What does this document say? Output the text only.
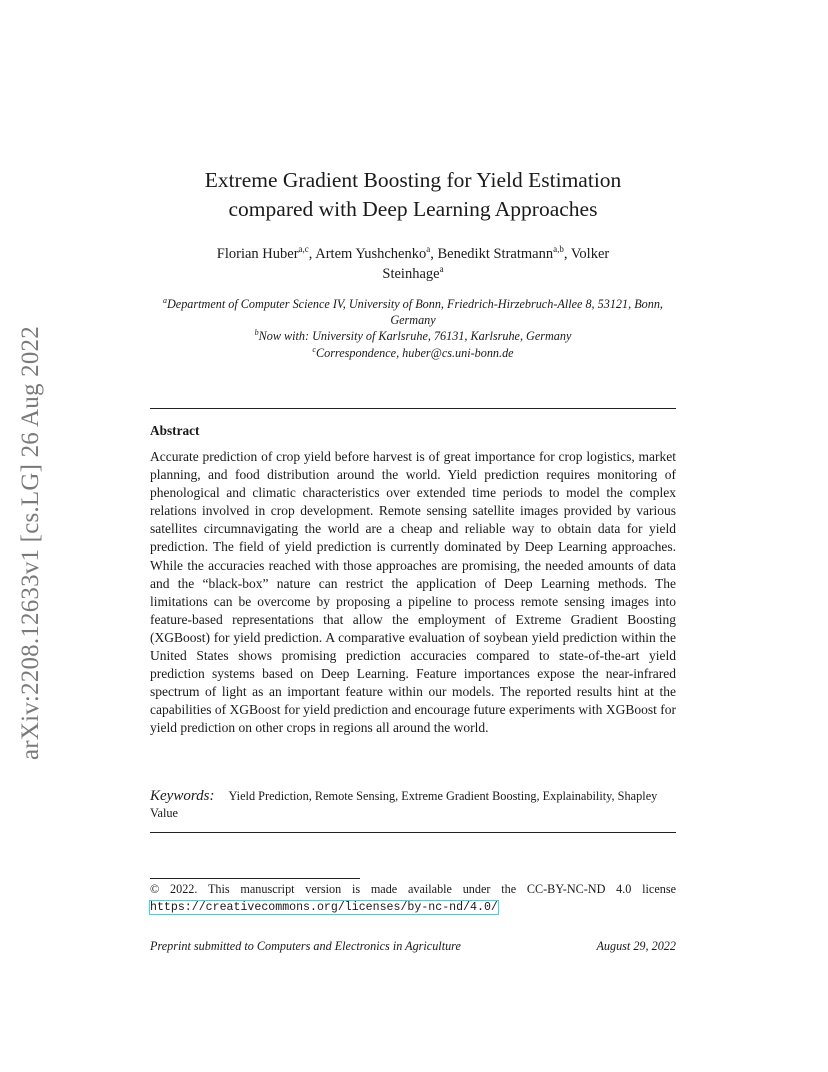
arXiv:2208.12633v1 [cs.LG] 26 Aug 2022
Extreme Gradient Boosting for Yield Estimation
compared with Deep Learning Approaches
Florian Huber$^{a,c}$, Artem Yushchenko$^a$, Benedikt Stratmann$^{a,b}$, Volker
Steinhage$^a$
$^a$Department of Computer Science IV, University of Bonn, Friedrich-Hirzebruch-Allee 8, 53121, Bonn, Germany
$^b$Now with: University of Karlsruhe, 76131, Karlsruhe, Germany
$^c$Correspondence, huber@cs.uni-bonn.de
Abstract
Accurate prediction of crop yield before harvest is of great importance for crop logistics, market planning, and food distribution around the world. Yield prediction requires monitoring of phenological and climatic characteristics over extended time periods to model the complex relations involved in crop development. Remote sensing satellite images provided by various satellites circumnavigating the world are a cheap and reliable way to obtain data for yield prediction. The field of yield prediction is currently dominated by Deep Learning approaches. While the accuracies reached with those approaches are promising, the needed amounts of data and the “black-box” nature can restrict the application of Deep Learning methods. The limitations can be overcome by proposing a pipeline to process remote sensing images into feature-based representations that allow the employment of Extreme Gradient Boosting (XGBoost) for yield prediction. A comparative evaluation of soybean yield prediction within the United States shows promising prediction accuracies compared to state-of-the-art yield prediction systems based on Deep Learning. Feature importances expose the near-infrared spectrum of light as an important feature within our models. The reported results hint at the capabilities of XGBoost for yield prediction and encourage future experiments with XGBoost for yield prediction on other crops in regions all around the world.
Keywords: Yield Prediction, Remote Sensing, Extreme Gradient Boosting, Explainability, Shapley Value
© 2022. This manuscript version is made available under the CC-BY-NC-ND 4.0 license https://creativecommons.org/licenses/by-nc-nd/4.0/
Preprint submitted to Computers and Electronics in Agriculture	August 29, 2022
